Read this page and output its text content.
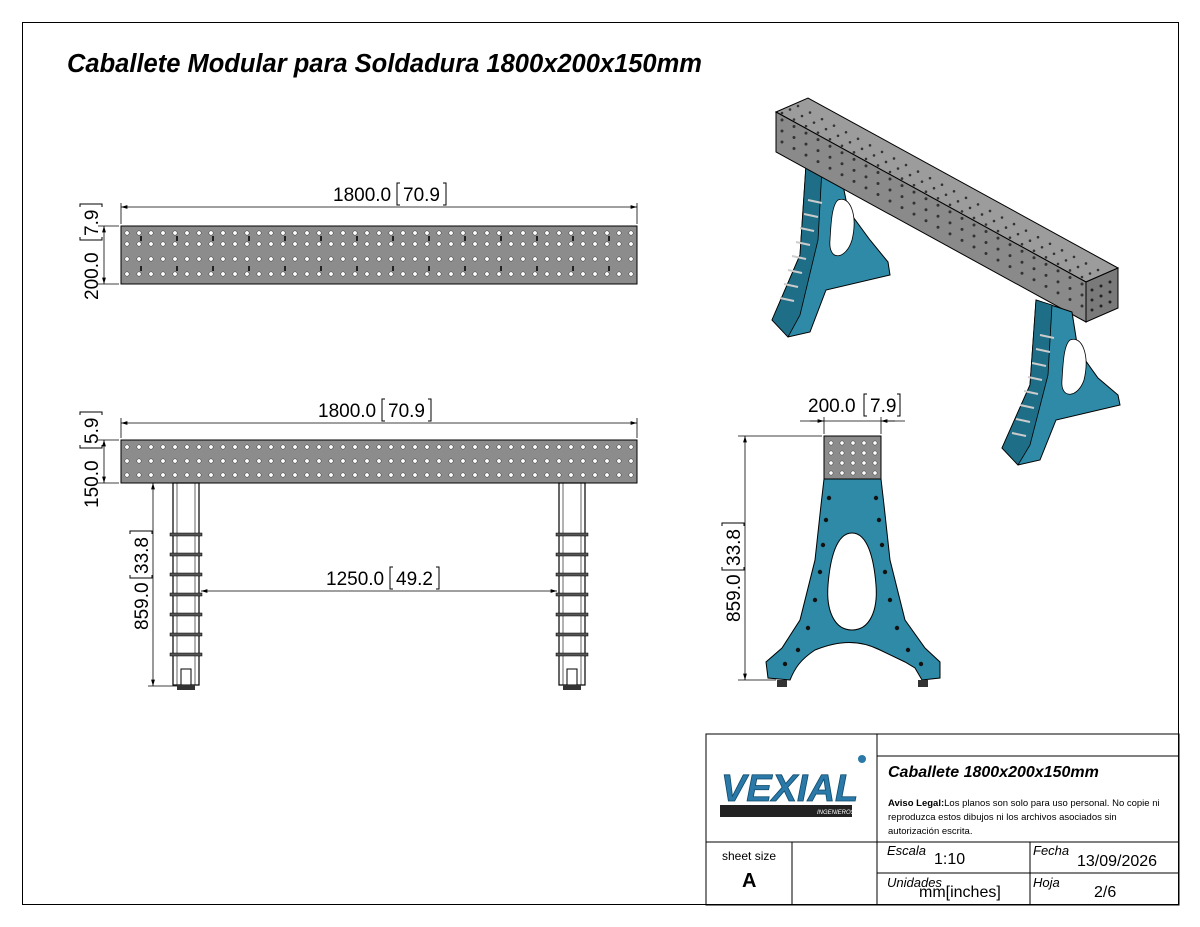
Caballete Modular para Soldadura 1800x200x150mm
1800.0 70.9
200.0
7.9
1800.0 70.9
150.0
5.9
859.0
33.8
1250.0 49.2
200.0 7.9
859.0
33.8
VEXIAL
INGENIEROS
Caballete 1800x200x150mm
Aviso Legal:Los planos son solo para uso personal. No copie ni
reproduzca estos dibujos ni los archivos asociados sin
autorización escrita.
sheet size
A
Escala
1:10
Fecha
13/09/2026
Unidades
mm[inches]
Hoja
2/6
